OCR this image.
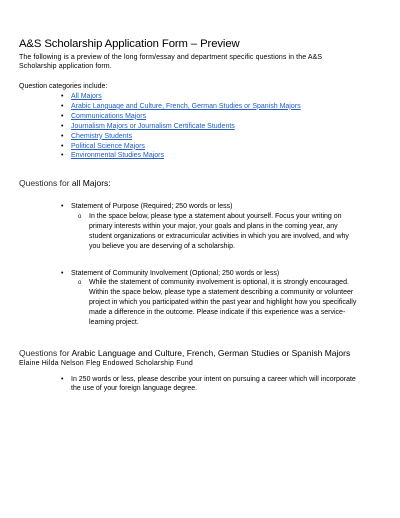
A&S Scholarship Application Form – Preview

The following is a preview of the long form/essay and department specific questions in the A&S Scholarship application form.

Question categories include:

• All Majors
• Arabic Language and Culture, French, German Studies or Spanish Majors
• Communications Majors
• Journalism Majors or Journalism Certificate Students
• Chemistry Students
• Political Science Majors
• Environmental Studies Majors
Questions for all Majors:
• Statement of Purpose (Required; 250 words or less)
o In the space below, please type a statement about yourself. Focus your writing on primary interests within your major, your goals and plans in the coming year, any student organizations or extracurricular activities in which you are involved, and why you believe you are deserving of a scholarship.
• Statement of Community Involvement (Optional; 250 words or less)
o While the statement of community involvement is optional, it is strongly encouraged. Within the space below, please type a statement describing a community or volunteer project in which you participated within the past year and highlight how you specifically made a difference in the outcome. Please indicate if this experience was a service-learning project.
Questions for Arabic Language and Culture, French, German Studies or Spanish Majors

Elaine Hilda Nelson Fleg Endowed Scholarship Fund

• In 250 words or less, please describe your intent on pursuing a career which will incorporate the use of your foreign language degree.
